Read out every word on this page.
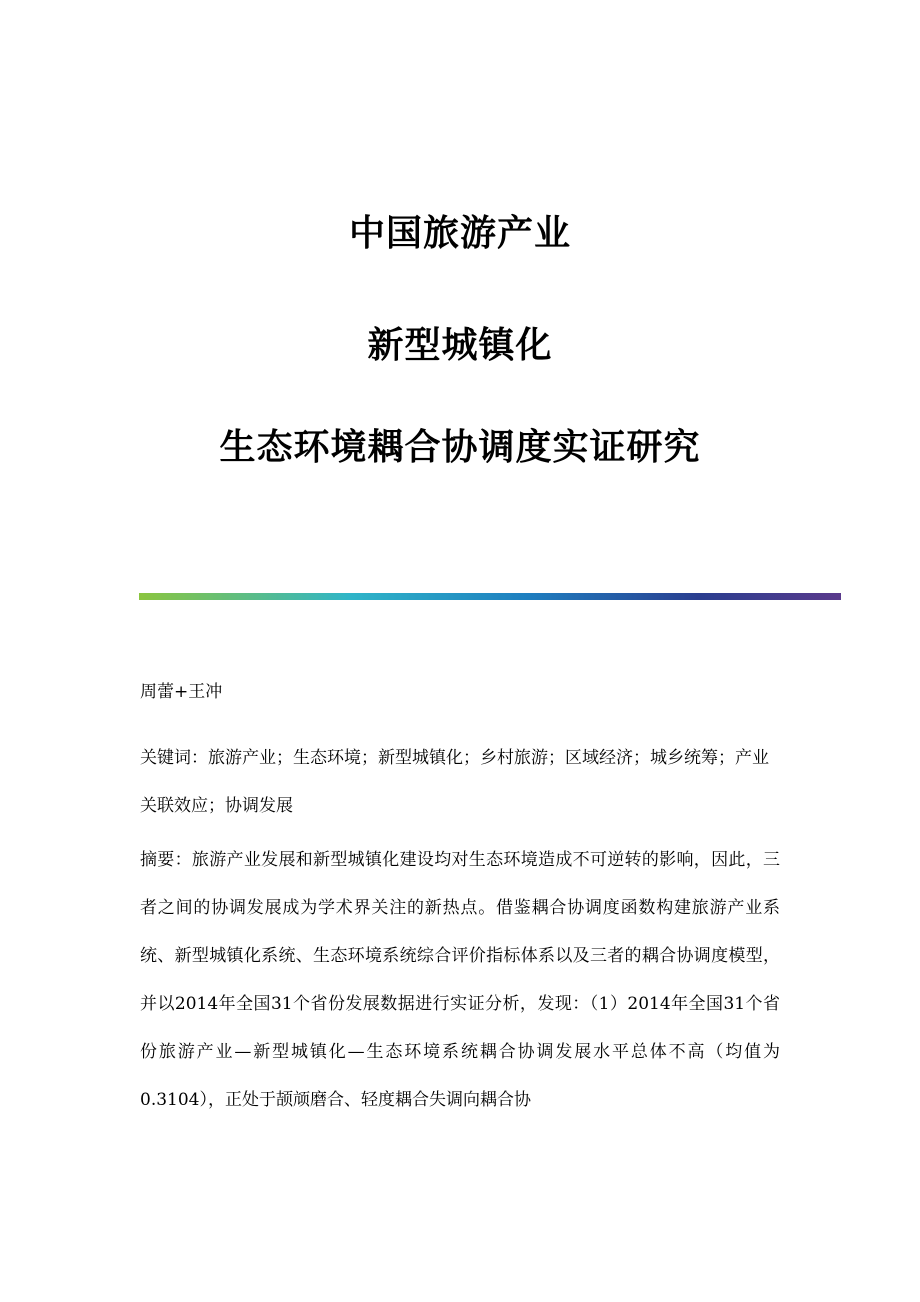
中国旅游产业
新型城镇化
生态环境耦合协调度实证研究
周蕾+王冲
关键词：旅游产业；生态环境；新型城镇化；乡村旅游；区域经济；城乡统筹；产业关联效应；协调发展
摘要：旅游产业发展和新型城镇化建设均对生态环境造成不可逆转的影响，因此，三者之间的协调发展成为学术界关注的新热点。借鉴耦合协调度函数构建旅游产业系统、新型城镇化系统、生态环境系统综合评价指标体系以及三者的耦合协调度模型，并以2014年全国31个省份发展数据进行实证分析，发现：（1）2014年全国31个省份旅游产业—新型城镇化—生态环境系统耦合协调发展水平总体不高（均值为0.3104），正处于颉颃磨合、轻度耦合失调向耦合协
